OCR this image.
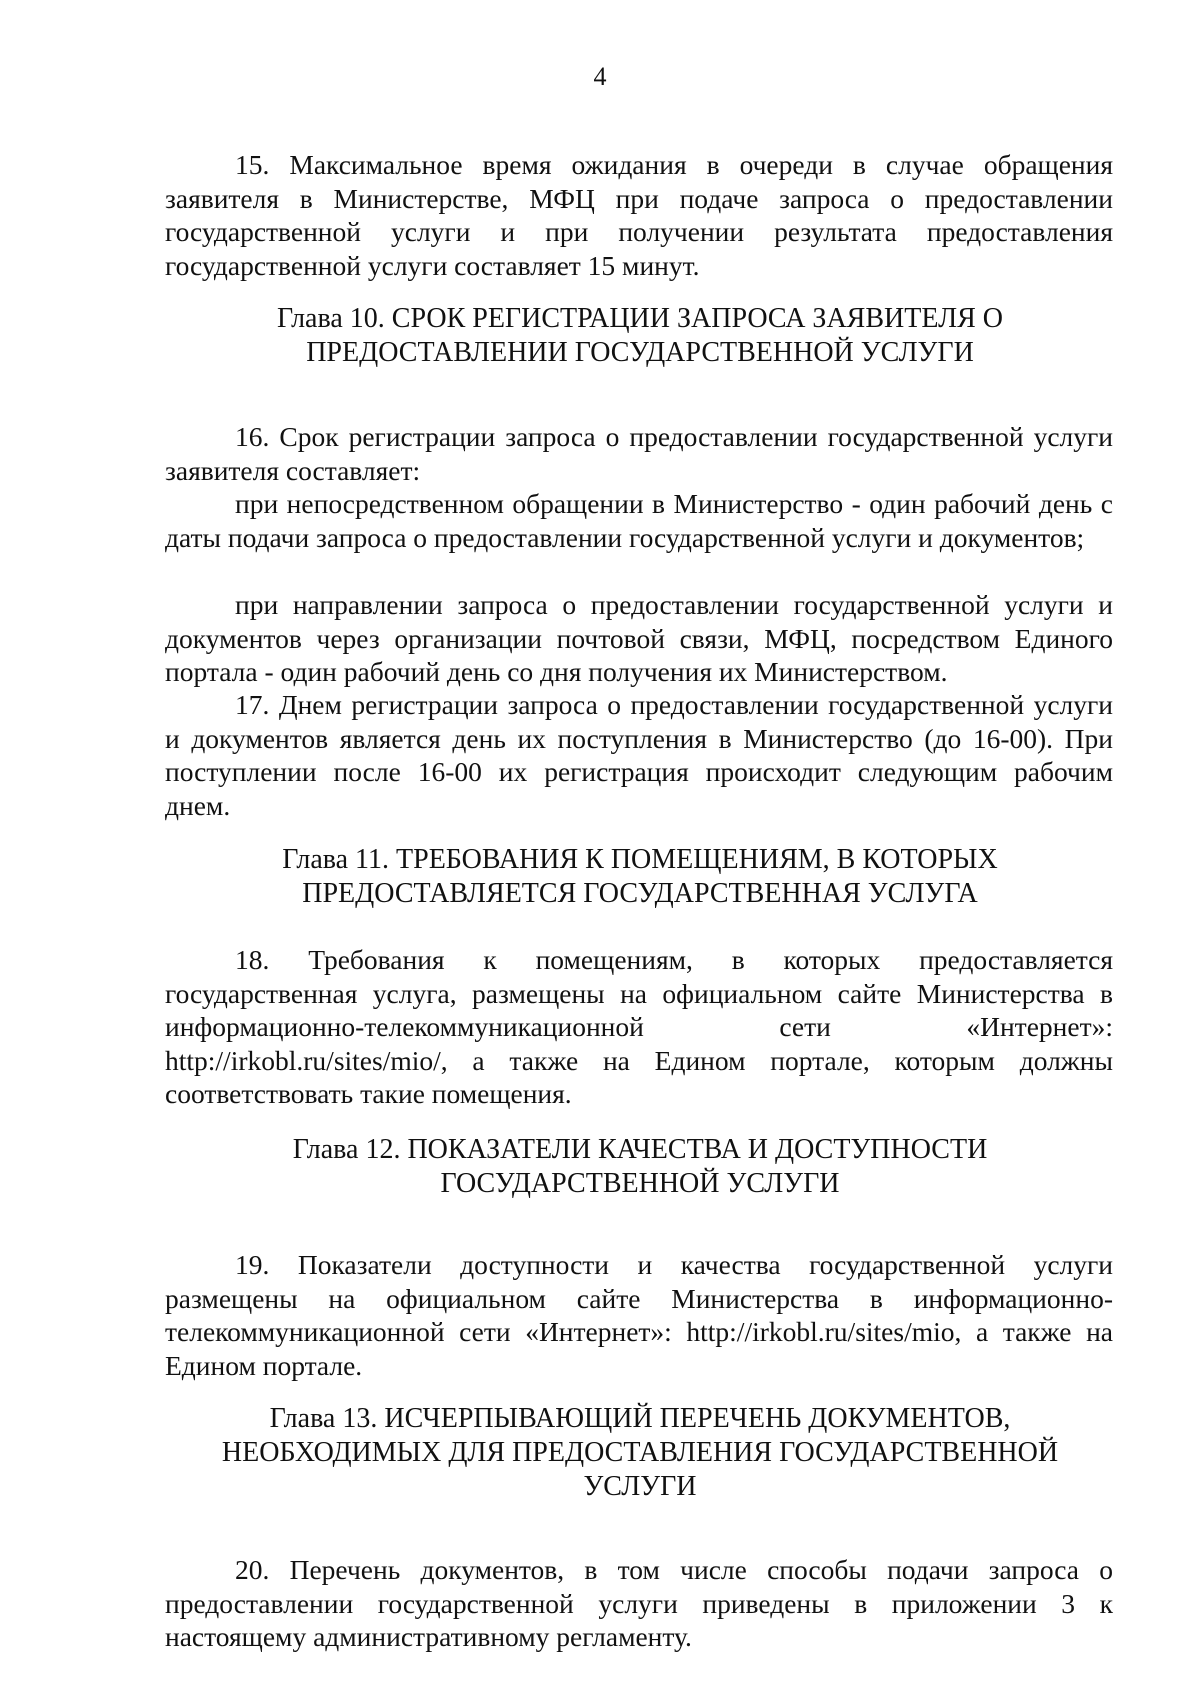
4

15. Максимальное время ожидания в очереди в случае обращения заявителя в Министерстве, МФЦ при подаче запроса о предоставлении государственной услуги и при получении результата предоставления государственной услуги составляет 15 минут.

Глава 10. СРОК РЕГИСТРАЦИИ ЗАПРОСА ЗАЯВИТЕЛЯ О
ПРЕДОСТАВЛЕНИИ ГОСУДАРСТВЕННОЙ УСЛУГИ

16. Срок регистрации запроса о предоставлении государственной услуги заявителя составляет:

при непосредственном обращении в Министерство - один рабочий день с даты подачи запроса о предоставлении государственной услуги и документов;

при направлении запроса о предоставлении государственной услуги и документов через организации почтовой связи, МФЦ, посредством Единого портала - один рабочий день со дня получения их Министерством.

17. Днем регистрации запроса о предоставлении государственной услуги и документов является день их поступления в Министерство (до 16-00). При поступлении после 16-00 их регистрация происходит следующим рабочим днем.

Глава 11. ТРЕБОВАНИЯ К ПОМЕЩЕНИЯМ, В КОТОРЫХ
ПРЕДОСТАВЛЯЕТСЯ ГОСУДАРСТВЕННАЯ УСЛУГА

18. Требования к помещениям, в которых предоставляется государственная услуга, размещены на официальном сайте Министерства в информационно-телекоммуникационной сети «Интернет»: http://irkobl.ru/sites/mio/, а также на Едином портале, которым должны соответствовать такие помещения.

Глава 12. ПОКАЗАТЕЛИ КАЧЕСТВА И ДОСТУПНОСТИ
ГОСУДАРСТВЕННОЙ УСЛУГИ

19. Показатели доступности и качества государственной услуги размещены на официальном сайте Министерства в информационно-телекоммуникационной сети «Интернет»: http://irkobl.ru/sites/mio, а также на Едином портале.

Глава 13. ИСЧЕРПЫВАЮЩИЙ ПЕРЕЧЕНЬ ДОКУМЕНТОВ,
НЕОБХОДИМЫХ ДЛЯ ПРЕДОСТАВЛЕНИЯ ГОСУДАРСТВЕННОЙ
УСЛУГИ

20. Перечень документов, в том числе способы подачи запроса о предоставлении государственной услуги приведены в приложении 3 к настоящему административному регламенту.
